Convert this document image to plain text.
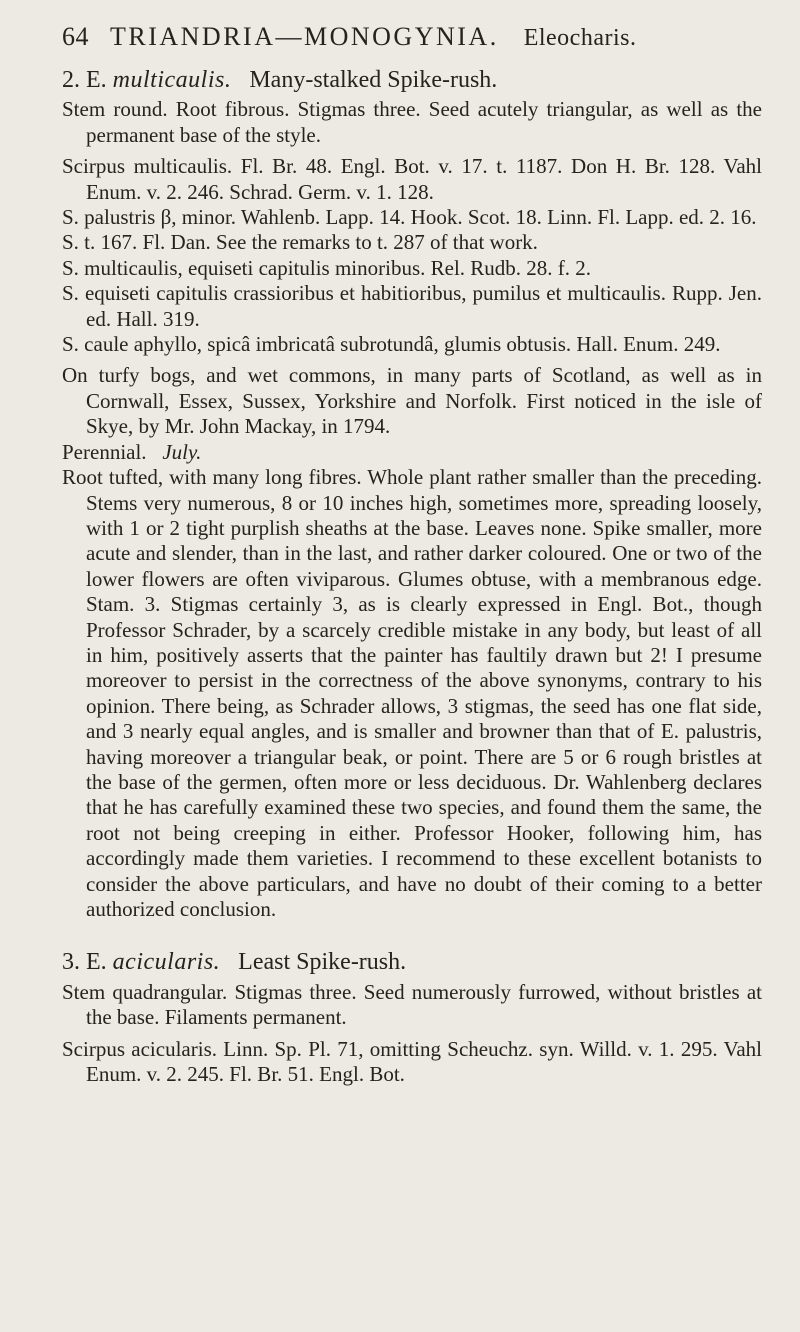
64 TRIANDRIA—MONOGYNIA. Eleocharis.

2. E. multicaulis. Many-stalked Spike-rush.

Stem round. Root fibrous. Stigmas three. Seed acutely triangular, as well as the permanent base of the style.

Scirpus multicaulis. Fl. Br. 48. Engl. Bot. v. 17. t. 1187. Don H. Br. 128. Vahl Enum. v. 2. 246. Schrad. Germ. v. 1. 128.

S. palustris β, minor. Wahlenb. Lapp. 14. Hook. Scot. 18. Linn. Fl. Lapp. ed. 2. 16.

S. t. 167. Fl. Dan. See the remarks to t. 287 of that work.

S. multicaulis, equiseti capitulis minoribus. Rel. Rudb. 28. f. 2.

S. equiseti capitulis crassioribus et habitioribus, pumilus et multicaulis. Rupp. Jen. ed. Hall. 319.

S. caule aphyllo, spicâ imbricatâ subrotundâ, glumis obtusis. Hall. Enum. 249.

On turfy bogs, and wet commons, in many parts of Scotland, as well as in Cornwall, Essex, Sussex, Yorkshire and Norfolk. First noticed in the isle of Skye, by Mr. John Mackay, in 1794.

Perennial. July.

Root tufted, with many long fibres. Whole plant rather smaller than the preceding. Stems very numerous, 8 or 10 inches high, sometimes more, spreading loosely, with 1 or 2 tight purplish sheaths at the base. Leaves none. Spike smaller, more acute and slender, than in the last, and rather darker coloured. One or two of the lower flowers are often viviparous. Glumes obtuse, with a membranous edge. Stam. 3. Stigmas certainly 3, as is clearly expressed in Engl. Bot., though Professor Schrader, by a scarcely credible mistake in any body, but least of all in him, positively asserts that the painter has faultily drawn but 2! I presume moreover to persist in the correctness of the above synonyms, contrary to his opinion. There being, as Schrader allows, 3 stigmas, the seed has one flat side, and 3 nearly equal angles, and is smaller and browner than that of E. palustris, having moreover a triangular beak, or point. There are 5 or 6 rough bristles at the base of the germen, often more or less deciduous. Dr. Wahlenberg declares that he has carefully examined these two species, and found them the same, the root not being creeping in either. Professor Hooker, following him, has accordingly made them varieties. I recommend to these excellent botanists to consider the above particulars, and have no doubt of their coming to a better authorized conclusion.

3. E. acicularis. Least Spike-rush.

Stem quadrangular. Stigmas three. Seed numerously furrowed, without bristles at the base. Filaments permanent.

Scirpus acicularis. Linn. Sp. Pl. 71, omitting Scheuchz. syn. Willd. v. 1. 295. Vahl Enum. v. 2. 245. Fl. Br. 51. Engl. Bot.
